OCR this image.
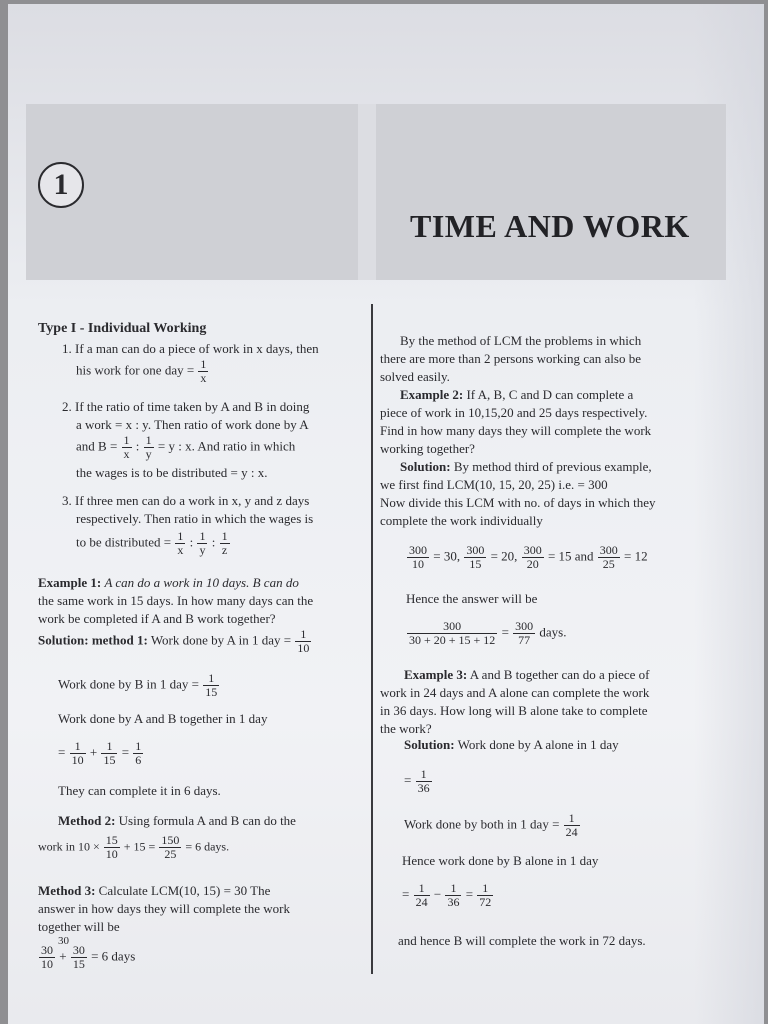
1
TIME AND WORK
Type I - Individual Working
1. If a man can do a piece of work in x days, then
his work for one day = $\frac{1}{x}$
2. If the ratio of time taken by A and B in doing
a work = x : y. Then ratio of work done by A
and $B = \frac{1}{x}$ : $\frac{1}{y} = y$ : x. And ratio in which
the wages is to be distributed = y : x.
3. If three men can do a work in x, y and z days
respectively. Then ratio in which the wages is
to be distributed = $\frac{1}{x}$ : $\frac{1}{y}$ : $\frac{1}{z}$
Example 1: A can do a work in 10 days. B can do
the same work in 15 days. In how many days can the
work be completed if A and B work together?
Solution: method 1: Work done by A in 1 day = $\frac{1}{10}$
Work done by B in 1 day = $\frac{1}{15}$
Work done by A and B together in 1 day
= $\frac{1}{10} + \frac{1}{15} = \frac{1}{6}$
They can complete it in 6 days.
Method 2: Using formula A and B can do the
work in $10 \times \frac{15}{10} + 15 = \frac{150}{25} = 6$ days.
Method 3: Calculate LCM(10, 15) = 30 The
answer in how days they will complete the work
together will be
30
$\frac{30}{10} + \frac{30}{15} = 6$ days
By the method of LCM the problems in which
there are more than 2 persons working can also be
solved easily.
Example 2: If A, B, C and D can complete a
piece of work in 10,15,20 and 25 days respectively.
Find in how many days they will complete the work
working together?
Solution: By method third of previous example,
we first find LCM(10, 15, 20, 25) i.e. = 300
Now divide this LCM with no. of days in which they
complete the work individually
$\frac{300}{10} = 30$, $\frac{300}{15} = 20$, $\frac{300}{20} = 15$ and $\frac{300}{25} = 12$
Hence the answer will be
$\frac{300}{30 + 20 + 15 + 12} = \frac{300}{77}$ days.
Example 3: A and B together can do a piece of
work in 24 days and A alone can complete the work
in 36 days. How long will B alone take to complete
the work?
Solution: Work done by A alone in 1 day
= $\frac{1}{36}$
Work done by both in 1 day = $\frac{1}{24}$
Hence work done by B alone in 1 day
= $\frac{1}{24} - \frac{1}{36} = \frac{1}{72}$
and hence B will complete the work in 72 days.
